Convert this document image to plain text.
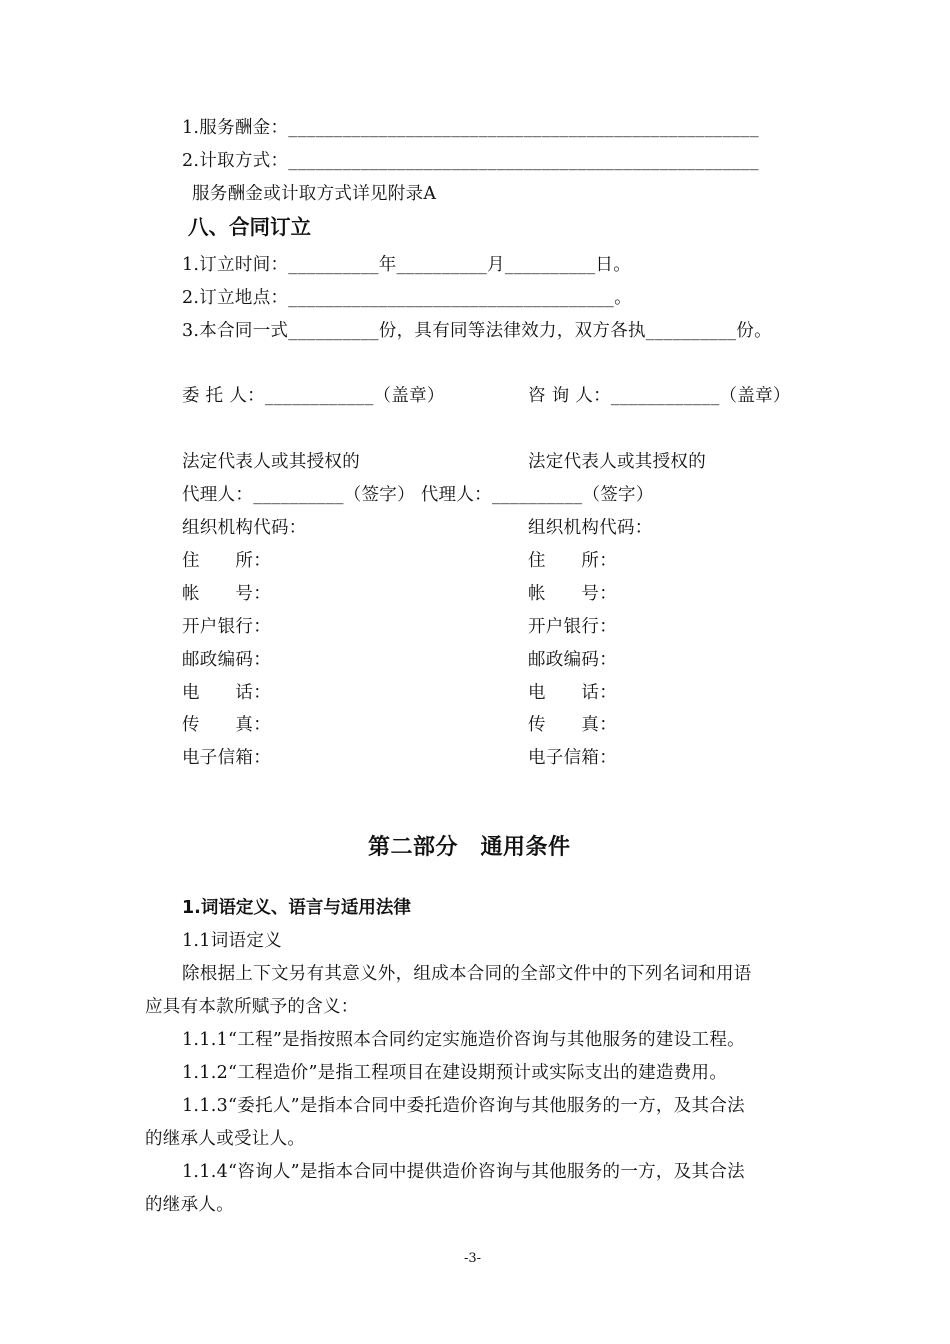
1.服务酬金：____________________________________________________
2.计取方式：____________________________________________________
服务酬金或计取方式详见附录A
八、合同订立
1.订立时间：__________年__________月__________日。
2.订立地点：____________________________________。
3.本合同一式__________份，具有同等法律效力，双方各执__________份。
委 托 人：____________（盖章）	咨 询 人：____________（盖章）
法定代表人或其授权的	法定代表人或其授权的
代理人：__________（签字） 代理人：__________（签字）
组织机构代码：
住　　所：
帐　　号：
开户银行：
邮政编码：
电　　话：
传　　真：
电子信箱：
组织机构代码：
住　　所：
帐　　号：
开户银行：
邮政编码：
电　　话：
传　　真：
电子信箱：
第二部分　通用条件
1.词语定义、语言与适用法律
1.1词语定义
除根据上下文另有其意义外，组成本合同的全部文件中的下列名词和用语
应具有本款所赋予的含义：
1.1.1“工程”是指按照本合同约定实施造价咨询与其他服务的建设工程。
1.1.2“工程造价”是指工程项目在建设期预计或实际支出的建造费用。
1.1.3“委托人”是指本合同中委托造价咨询与其他服务的一方，及其合法
的继承人或受让人。
1.1.4“咨询人”是指本合同中提供造价咨询与其他服务的一方，及其合法
的继承人。
-3-
